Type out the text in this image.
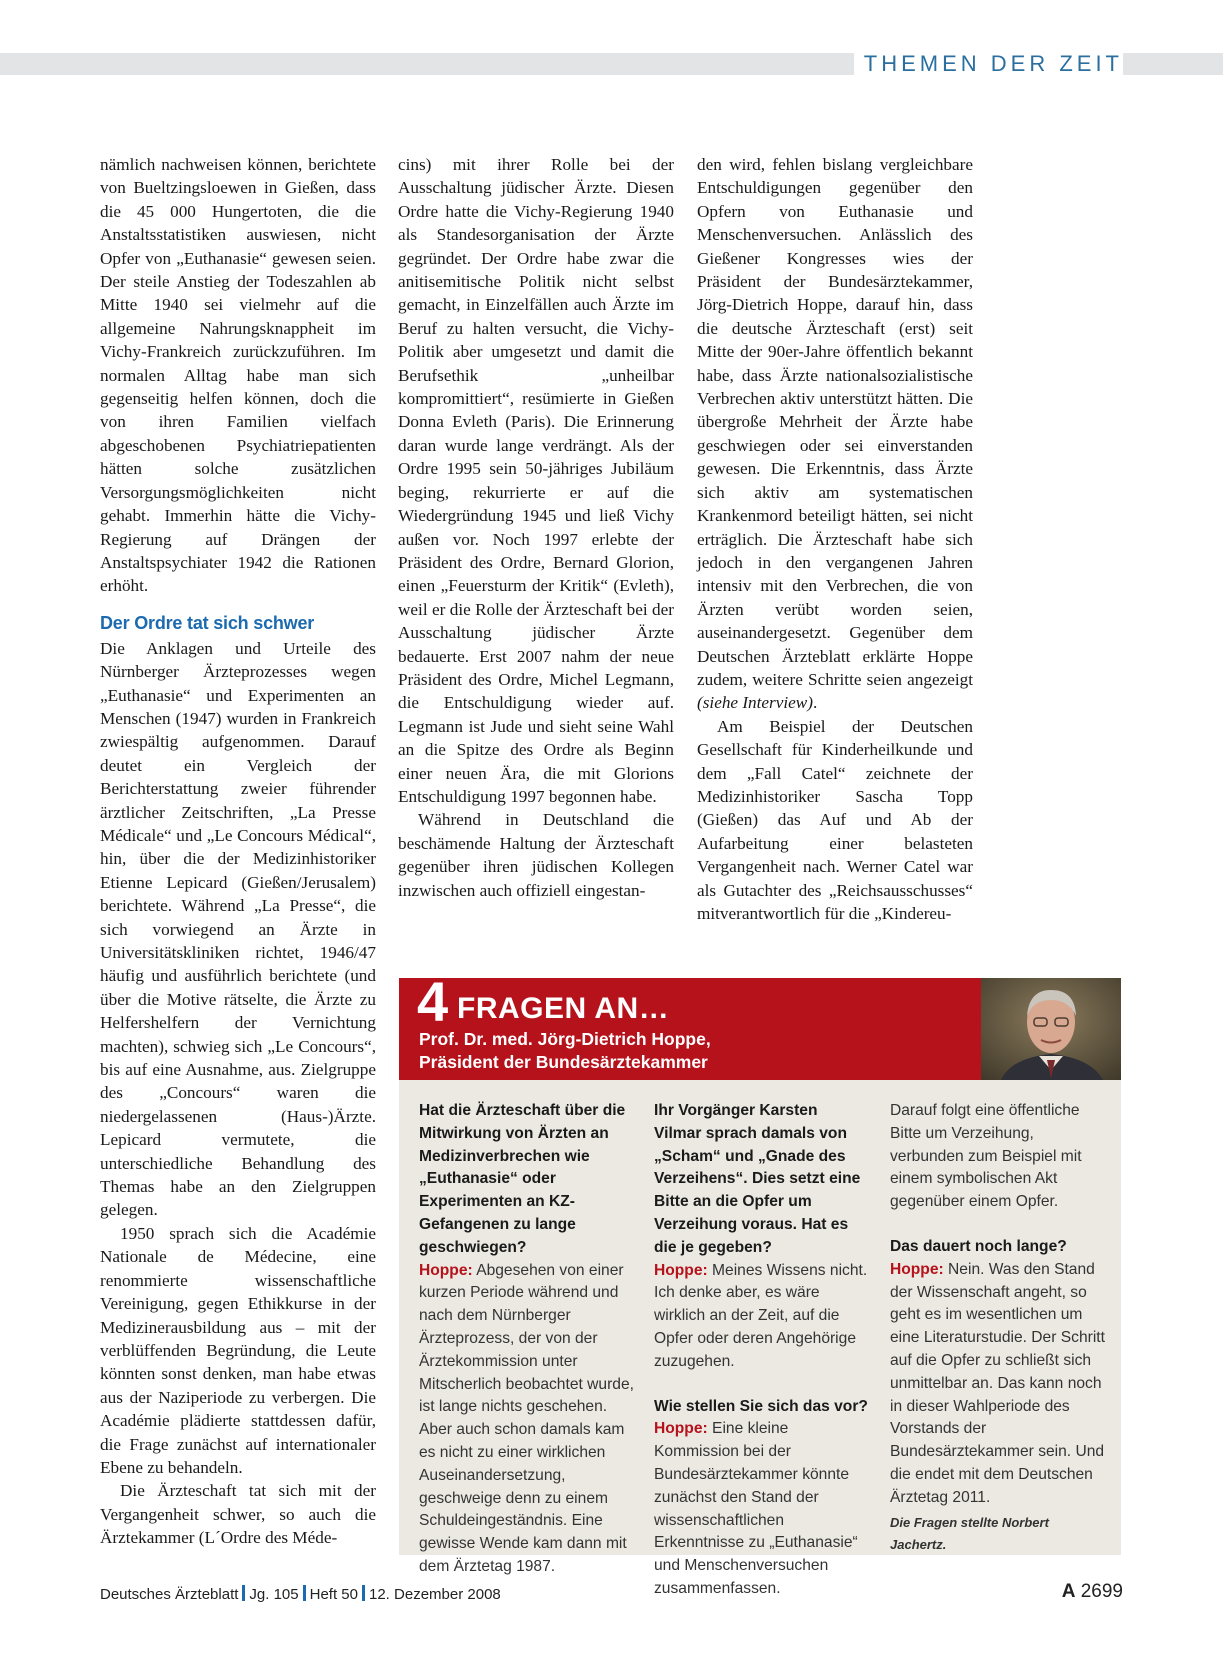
THEMEN DER ZEIT

nämlich nachweisen können, berichtete von Bueltzingsloewen in Gießen, dass die 45 000 Hungertoten, die die Anstaltsstatistiken auswiesen, nicht Opfer von „Euthanasie“ gewesen seien. Der steile Anstieg der Todeszahlen ab Mitte 1940 sei vielmehr auf die allgemeine Nahrungsknappheit im Vichy-Frankreich zurückzuführen. Im normalen Alltag habe man sich gegenseitig helfen können, doch die von ihren Familien vielfach abgeschobenen Psychiatriepatienten hätten solche zusätzlichen Versorgungsmöglichkeiten nicht gehabt. Immerhin hätte die Vichy-Regierung auf Drängen der Anstaltspsychiater 1942 die Rationen erhöht.

Der Ordre tat sich schwer

Die Anklagen und Urteile des Nürnberger Ärzteprozesses wegen „Euthanasie“ und Experimenten an Menschen (1947) wurden in Frankreich zwiespältig aufgenommen. Darauf deutet ein Vergleich der Berichterstattung zweier führender ärztlicher Zeitschriften, „La Presse Médicale“ und „Le Concours Médical“, hin, über die der Medizinhistoriker Etienne Lepicard (Gießen/Jerusalem) berichtete. Während „La Presse“, die sich vorwiegend an Ärzte in Universitätskliniken richtet, 1946/47 häufig und ausführlich berichtete (und über die Motive rätselte, die Ärzte zu Helfershelfern der Vernichtung machten), schwieg sich „Le Concours“, bis auf eine Ausnahme, aus. Zielgruppe des „Concours“ waren die niedergelassenen (Haus-)Ärzte. Lepicard vermutete, die unterschiedliche Behandlung des Themas habe an den Zielgruppen gelegen.

1950 sprach sich die Académie Nationale de Médecine, eine renommierte wissenschaftliche Vereinigung, gegen Ethikkurse in der Medizinerausbildung aus – mit der verblüffenden Begründung, die Leute könnten sonst denken, man habe etwas aus der Naziperiode zu verbergen. Die Académie plädierte stattdessen dafür, die Frage zunächst auf internationaler Ebene zu behandeln.

Die Ärzteschaft tat sich mit der Vergangenheit schwer, so auch die Ärztekammer (L´Ordre des Méde-

cins) mit ihrer Rolle bei der Ausschaltung jüdischer Ärzte. Diesen Ordre hatte die Vichy-Regierung 1940 als Standesorganisation der Ärzte gegründet. Der Ordre habe zwar die anitisemitische Politik nicht selbst gemacht, in Einzelfällen auch Ärzte im Beruf zu halten versucht, die Vichy-Politik aber umgesetzt und damit die Berufsethik „unheilbar kompromittiert“, resümierte in Gießen Donna Evleth (Paris). Die Erinnerung daran wurde lange verdrängt. Als der Ordre 1995 sein 50-jähriges Jubiläum beging, rekurrierte er auf die Wiedergründung 1945 und ließ Vichy außen vor. Noch 1997 erlebte der Präsident des Ordre, Bernard Glorion, einen „Feuersturm der Kritik“ (Evleth), weil er die Rolle der Ärzteschaft bei der Ausschaltung jüdischer Ärzte bedauerte. Erst 2007 nahm der neue Präsident des Ordre, Michel Legmann, die Entschuldigung wieder auf. Legmann ist Jude und sieht seine Wahl an die Spitze des Ordre als Beginn einer neuen Ära, die mit Glorions Entschuldigung 1997 begonnen habe.

Während in Deutschland die beschämende Haltung der Ärzteschaft gegenüber ihren jüdischen Kollegen inzwischen auch offiziell eingestan-

den wird, fehlen bislang vergleichbare Entschuldigungen gegenüber den Opfern von Euthanasie und Menschenversuchen. Anlässlich des Gießener Kongresses wies der Präsident der Bundesärztekammer, Jörg-Dietrich Hoppe, darauf hin, dass die deutsche Ärzteschaft (erst) seit Mitte der 90er-Jahre öffentlich bekannt habe, dass Ärzte nationalsozialistische Verbrechen aktiv unterstützt hätten. Die übergroße Mehrheit der Ärzte habe geschwiegen oder sei einverstanden gewesen. Die Erkenntnis, dass Ärzte sich aktiv am systematischen Krankenmord beteiligt hätten, sei nicht erträglich. Die Ärzteschaft habe sich jedoch in den vergangenen Jahren intensiv mit den Verbrechen, die von Ärzten verübt worden seien, auseinandergesetzt. Gegenüber dem Deutschen Ärzteblatt erklärte Hoppe zudem, weitere Schritte seien angezeigt (siehe Interview).

Am Beispiel der Deutschen Gesellschaft für Kinderheilkunde und dem „Fall Catel“ zeichnete der Medizinhistoriker Sascha Topp (Gießen) das Auf und Ab der Aufarbeitung einer belasteten Vergangenheit nach. Werner Catel war als Gutachter des „Reichsausschusses“ mitverantwortlich für die „Kindereu-

4 FRAGEN AN…
Prof. Dr. med. Jörg-Dietrich Hoppe,
Präsident der Bundesärztekammer

Hat die Ärzteschaft über die Mitwirkung von Ärzten an Medizinverbrechen wie „Euthanasie“ oder Experimenten an KZ-Gefangenen zu lange geschwiegen?

Hoppe: Abgesehen von einer kurzen Periode während und nach dem Nürnberger Ärzteprozess, der von der Ärztekommission unter Mitscherlich beobachtet wurde, ist lange nichts geschehen. Aber auch schon damals kam es nicht zu einer wirklichen Auseinandersetzung, geschweige denn zu einem Schuldeingeständnis. Eine gewisse Wende kam dann mit dem Ärztetag 1987.

Ihr Vorgänger Karsten Vilmar sprach damals von „Scham“ und „Gnade des Verzeihens“. Dies setzt eine Bitte an die Opfer um Verzeihung voraus. Hat es die je gegeben?

Hoppe: Meines Wissens nicht. Ich denke aber, es wäre wirklich an der Zeit, auf die Opfer oder deren Angehörige zuzugehen.

Wie stellen Sie sich das vor?

Hoppe: Eine kleine Kommission bei der Bundesärztekammer könnte zunächst den Stand der wissenschaftlichen Erkenntnisse zu „Euthanasie“ und Menschenversuchen zusammenfassen.

Darauf folgt eine öffentliche Bitte um Verzeihung, verbunden zum Beispiel mit einem symbolischen Akt gegenüber einem Opfer.

Das dauert noch lange?

Hoppe: Nein. Was den Stand der Wissenschaft angeht, so geht es im wesentlichen um eine Literaturstudie. Der Schritt auf die Opfer zu schließt sich unmittelbar an. Das kann noch in dieser Wahlperiode des Vorstands der Bundesärztekammer sein. Und die endet mit dem Deutschen Ärztetag 2011.

Die Fragen stellte Norbert Jachertz.

Deutsches Ärzteblatt Jg. 105 Heft 50 12. Dezember 2008	A 2699
